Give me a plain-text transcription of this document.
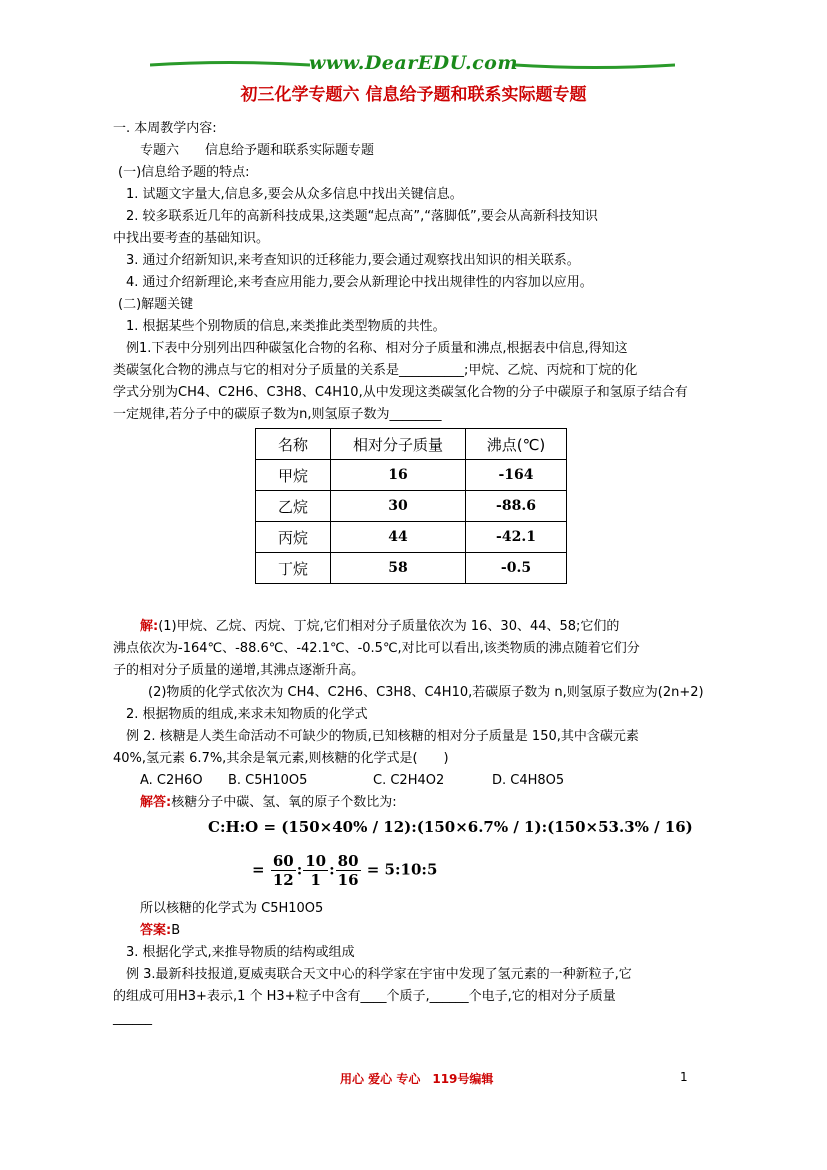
www.DearEDU.com
初三化学专题六 信息给予题和联系实际题专题
一. 本周教学内容:
专题六　　信息给予题和联系实际题专题
(一)信息给予题的特点:
1. 试题文字量大,信息多,要会从众多信息中找出关键信息。
2. 较多联系近几年的高新科技成果,这类题“起点高”,“落脚低”,要会从高新科技知识
中找出要考查的基础知识。
3. 通过介绍新知识,来考查知识的迁移能力,要会通过观察找出知识的相关联系。
4. 通过介绍新理论,来考查应用能力,要会从新理论中找出规律性的内容加以应用。
(二)解题关键
1. 根据某些个别物质的信息,来类推此类型物质的共性。
例1.下表中分别列出四种碳氢化合物的名称、相对分子质量和沸点,根据表中信息,得知这
类碳氢化合物的沸点与它的相对分子质量的关系是__________;甲烷、乙烷、丙烷和丁烷的化
学式分别为CH4、C2H6、C3H8、C4H10,从中发现这类碳氢化合物的分子中碳原子和氢原子结合有
一定规律,若分子中的碳原子数为n,则氢原子数为________
名称	相对分子质量	沸点(℃)
甲烷	16	-164
乙烷	30	-88.6
丙烷	44	-42.1
丁烷	58	-0.5
解:(1)甲烷、乙烷、丙烷、丁烷,它们相对分子质量依次为 16、30、44、58;它们的
沸点依次为-164℃、-88.6℃、-42.1℃、-0.5℃,对比可以看出,该类物质的沸点随着它们分
子的相对分子质量的递增,其沸点逐渐升高。
(2)物质的化学式依次为 CH4、C2H6、C3H8、C4H10,若碳原子数为 n,则氢原子数应为(2n+2)
2. 根据物质的组成,来求未知物质的化学式
例 2. 核糖是人类生命活动不可缺少的物质,已知核糖的相对分子质量是 150,其中含碳元素
40%,氢元素 6.7%,其余是氧元素,则核糖的化学式是(　　)
A. C2H6O B. C5H10O5	C. C2H4O2	D. C4H8O5
解答:核糖分子中碳、氢、氧的原子个数比为:
C:H:O = (150×40% / 12):(150×6.7% / 1):(150×53.3% / 16)
= $\frac{60}{12}$ : $\frac{10}{1}$ : $\frac{80}{16}$ = 5:10:5
所以核糖的化学式为 C5H10O5
答案:B
3. 根据化学式,来推导物质的结构或组成
例 3.最新科技报道,夏威夷联合天文中心的科学家在宇宙中发现了氢元素的一种新粒子,它
的组成可用H3+表示,1 个 H3+粒子中含有____个质子,______个电子,它的相对分子质量
______
用心 爱心 专心　119号编辑	1
